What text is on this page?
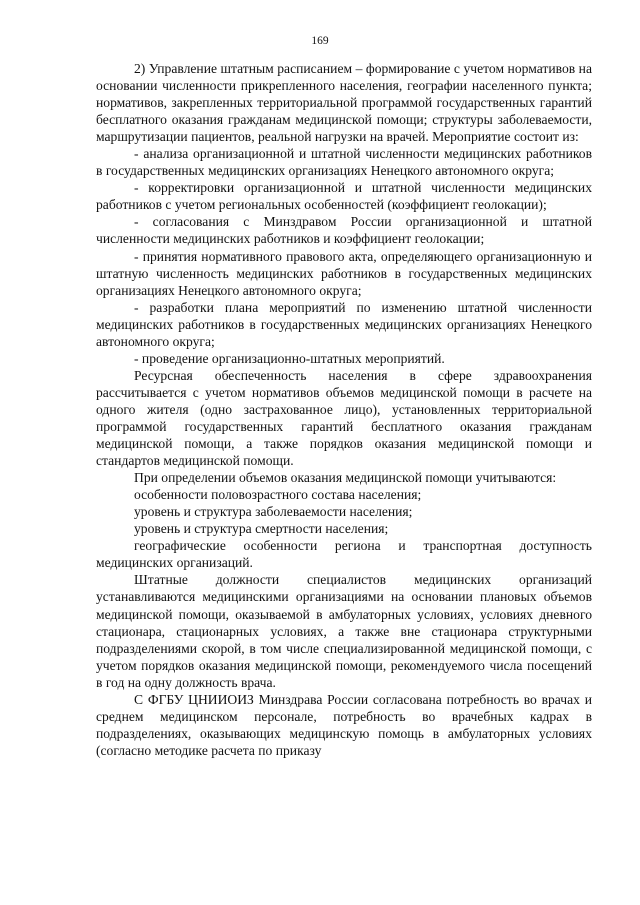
169

2) Управление штатным расписанием – формирование с учетом нормативов на основании численности прикрепленного населения, географии населенного пункта; нормативов, закрепленных территориальной программой государственных гарантий бесплатного оказания гражданам медицинской помощи; структуры заболеваемости, маршрутизации пациентов, реальной нагрузки на врачей. Мероприятие состоит из:

- анализа организационной и штатной численности медицинских работников в государственных медицинских организациях Ненецкого автономного округа;

- корректировки организационной и штатной численности медицинских работников с учетом региональных особенностей (коэффициент геолокации);

- согласования с Минздравом России организационной и штатной численности медицинских работников и коэффициент геолокации;

- принятия нормативного правового акта, определяющего организационную и штатную численность медицинских работников в государственных медицинских организациях Ненецкого автономного округа;

- разработки плана мероприятий по изменению штатной численности медицинских работников в государственных медицинских организациях Ненецкого автономного округа;

- проведение организационно-штатных мероприятий.

Ресурсная обеспеченность населения в сфере здравоохранения рассчитывается с учетом нормативов объемов медицинской помощи в расчете на одного жителя (одно застрахованное лицо), установленных территориальной программой государственных гарантий бесплатного оказания гражданам медицинской помощи, а также порядков оказания медицинской помощи и стандартов медицинской помощи.

При определении объемов оказания медицинской помощи учитываются:

особенности половозрастного состава населения;

уровень и структура заболеваемости населения;

уровень и структура смертности населения;

географические особенности региона и транспортная доступность медицинских организаций.

Штатные должности специалистов медицинских организаций устанавливаются медицинскими организациями на основании плановых объемов медицинской помощи, оказываемой в амбулаторных условиях, условиях дневного стационара, стационарных условиях, а также вне стационара структурными подразделениями скорой, в том числе специализированной медицинской помощи, с учетом порядков оказания медицинской помощи, рекомендуемого числа посещений в год на одну должность врача.

С ФГБУ ЦНИИОИЗ Минздрава России согласована потребность во врачах и среднем медицинском персонале, потребность во врачебных кадрах в подразделениях, оказывающих медицинскую помощь в амбулаторных условиях (согласно методике расчета по приказу
